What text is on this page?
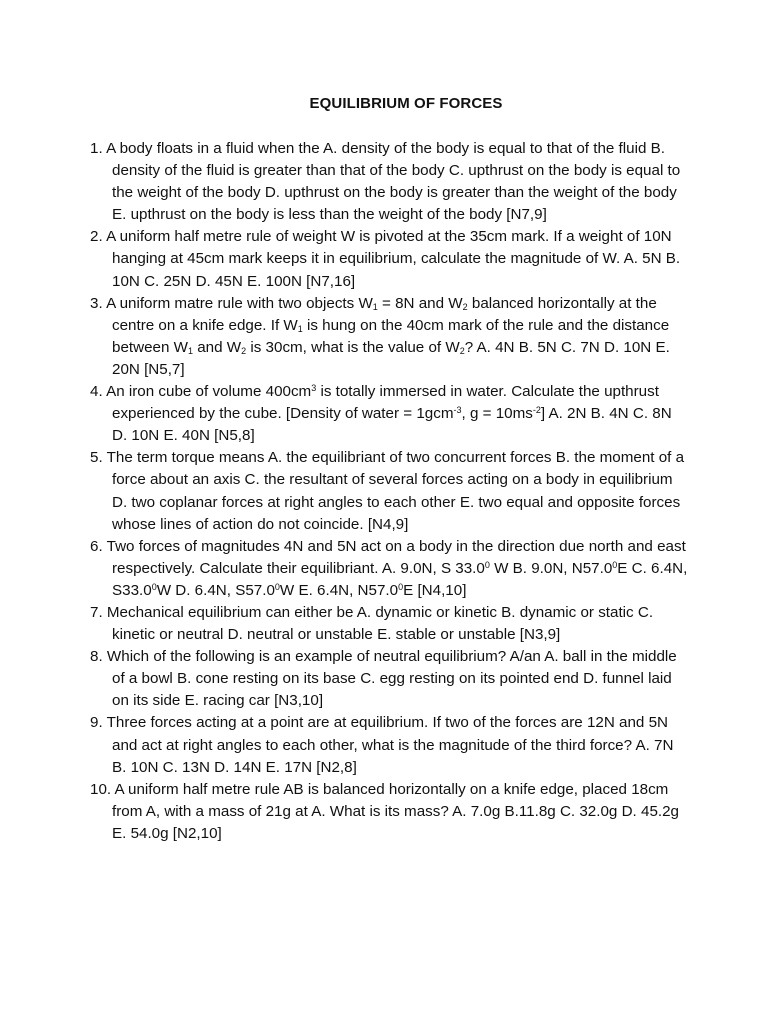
EQUILIBRIUM OF FORCES
1. A body floats in a fluid when the A. density of the body is equal to that of the fluid B. density of the fluid is greater than that of the body C. upthrust on the body is equal to the weight of the body D. upthrust on the body is greater than the weight of the body E. upthrust on the body is less than the weight of the body [N7,9]
2. A uniform half metre rule of weight W is pivoted at the 35cm mark. If a weight of 10N hanging at 45cm mark keeps it in equilibrium, calculate the magnitude of W. A. 5N B. 10N C. 25N D. 45N E. 100N [N7,16]
3. A uniform matre rule with two objects $W_1 = 8N$ and $W_2$ balanced horizontally at the centre on a knife edge. If $W_1$ is hung on the 40cm mark of the rule and the distance between $W_1$ and $W_2$ is 30cm, what is the value of $W_2$? A. 4N B. 5N C. 7N D. 10N E. 20N [N5,7]
4. An iron cube of volume $400cm^3$ is totally immersed in water. Calculate the upthrust experienced by the cube. [Density of water = 1gcm$^{-3}$, $g = 10ms^{-2}$] A. 2N B. 4N C. 8N D. 10N E. 40N [N5,8]
5. The term torque means A. the equilibriant of two concurrent forces B. the moment of a force about an axis C. the resultant of several forces acting on a body in equilibrium D. two coplanar forces at right angles to each other E. two equal and opposite forces whose lines of action do not coincide. [N4,9]
6. Two forces of magnitudes 4N and 5N act on a body in the direction due north and east respectively. Calculate their equilibriant. A. 9.0N, S 33.0$^0$ W B. 9.0N, N57.0$^0$E C. 6.4N, S33.0$^0$W D. 6.4N, S57.0$^0$W E. 6.4N, N57.0$^0$E [N4,10]
7. Mechanical equilibrium can either be A. dynamic or kinetic B. dynamic or static C. kinetic or neutral D. neutral or unstable E. stable or unstable [N3,9]
8. Which of the following is an example of neutral equilibrium? A/an A. ball in the middle of a bowl B. cone resting on its base C. egg resting on its pointed end D. funnel laid on its side E. racing car [N3,10]
9. Three forces acting at a point are at equilibrium. If two of the forces are 12N and 5N and act at right angles to each other, what is the magnitude of the third force? A. 7N B. 10N C. 13N D. 14N E. 17N [N2,8]
10. A uniform half metre rule AB is balanced horizontally on a knife edge, placed 18cm from A, with a mass of 21g at A. What is its mass? A. 7.0g B.11.8g C. 32.0g D. 45.2g E. 54.0g [N2,10]
